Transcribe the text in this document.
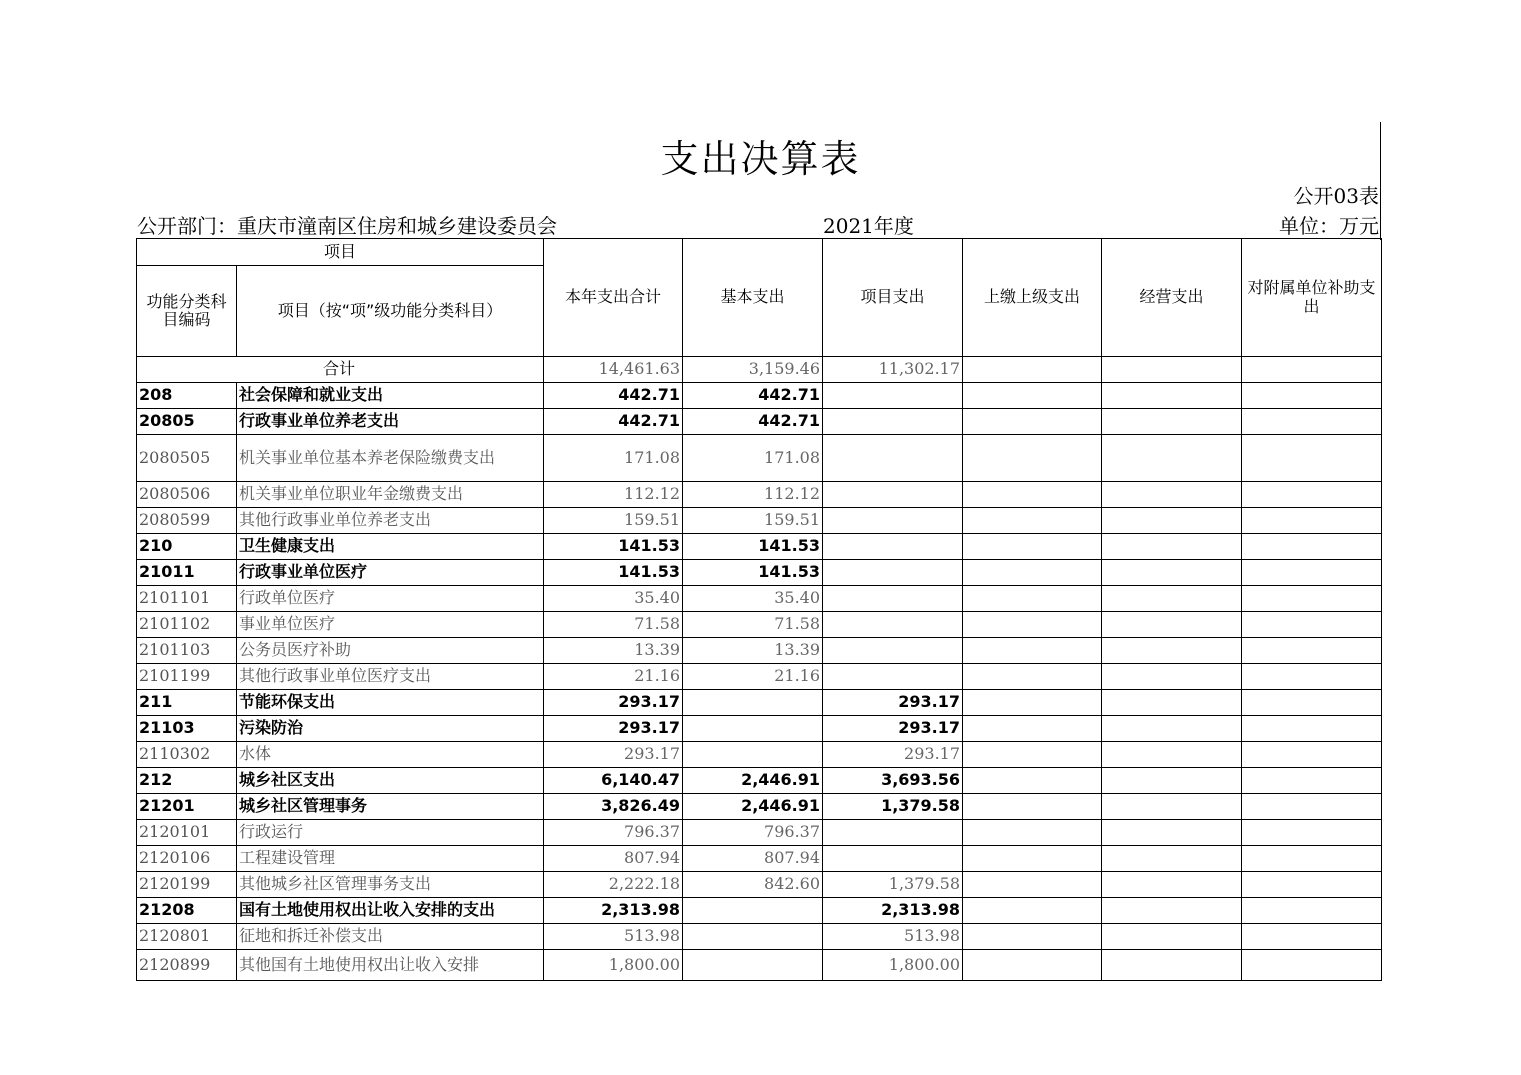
支出决算表
公开03表
公开部门：重庆市潼南区住房和城乡建设委员会	2021年度	单位：万元
项目		本年支出合计	基本支出	项目支出	上缴上级支出	经营支出	对附属单位补助支出
功能分类科目编码	项目（按“项”级功能分类科目）						
合计		14,461.63	3,159.46	11,302.17			
208	社会保障和就业支出	442.71	442.71				
20805	行政事业单位养老支出	442.71	442.71				
2080505	机关事业单位基本养老保险缴费支出	171.08	171.08				
2080506	机关事业单位职业年金缴费支出	112.12	112.12				
2080599	其他行政事业单位养老支出	159.51	159.51				
210	卫生健康支出	141.53	141.53				
21011	行政事业单位医疗	141.53	141.53				
2101101	行政单位医疗	35.40	35.40				
2101102	事业单位医疗	71.58	71.58				
2101103	公务员医疗补助	13.39	13.39				
2101199	其他行政事业单位医疗支出	21.16	21.16				
211	节能环保支出	293.17		293.17			
21103	污染防治	293.17		293.17			
2110302	水体	293.17		293.17			
212	城乡社区支出	6,140.47	2,446.91	3,693.56			
21201	城乡社区管理事务	3,826.49	2,446.91	1,379.58			
2120101	行政运行	796.37	796.37				
2120106	工程建设管理	807.94	807.94				
2120199	其他城乡社区管理事务支出	2,222.18	842.60	1,379.58			
21208	国有土地使用权出让收入安排的支出	2,313.98		2,313.98			
2120801	征地和拆迁补偿支出	513.98		513.98			
2120899	其他国有土地使用权出让收入安排	1,800.00		1,800.00			
